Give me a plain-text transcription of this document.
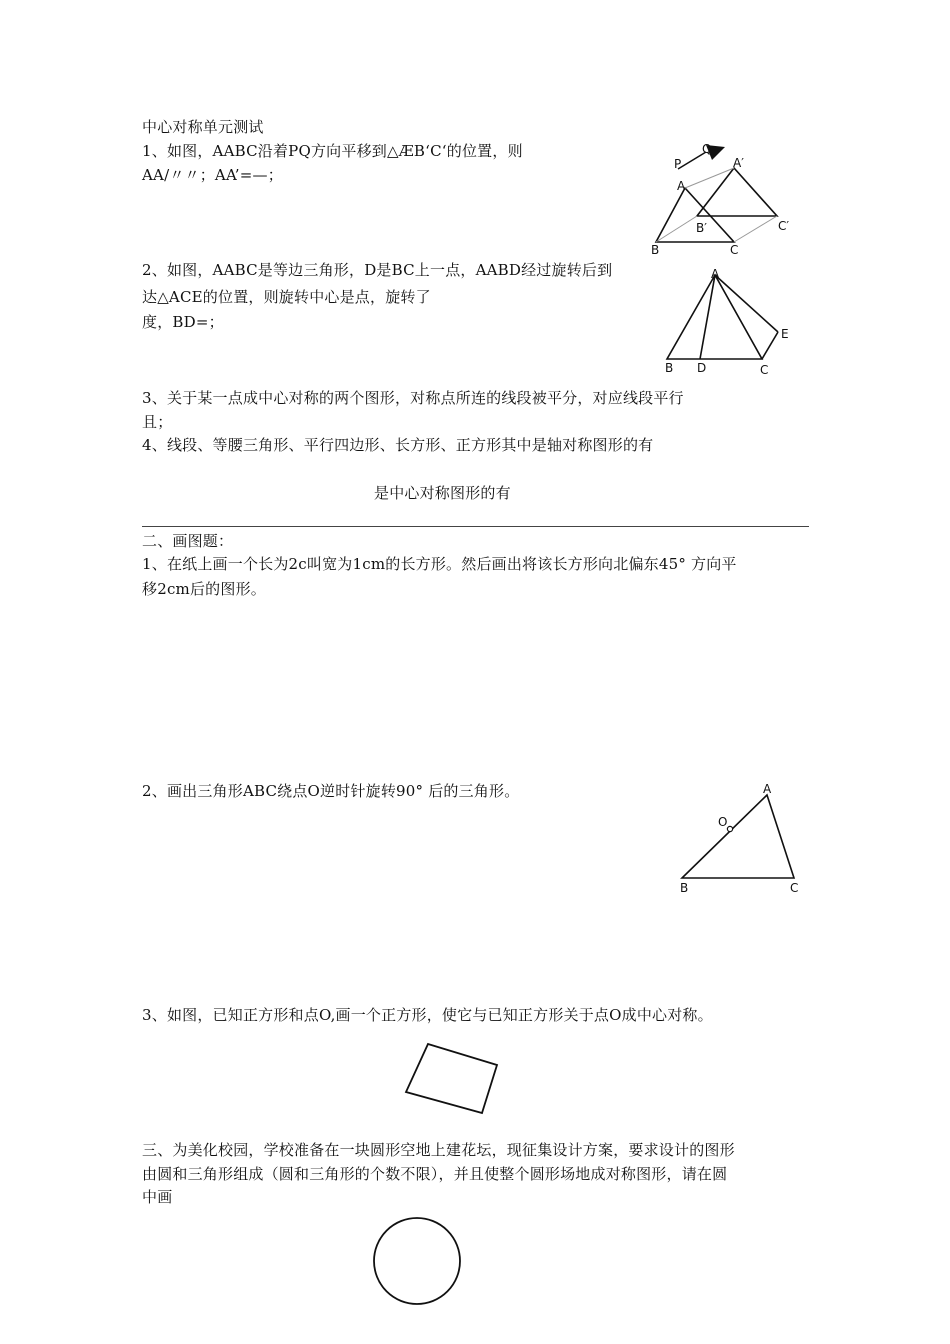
中心对称单元测试
1、如图，AABC沿着PQ方向平移到△ÆB‘C‘的位置，则
AA/〃〃；AA’=—；
2、如图，AABC是等边三角形，D是BC上一点，AABD经过旋转后到
达△ACE的位置，则旋转中心是点，旋转了
度，BD=；
3、关于某一点成中心对称的两个图形，对称点所连的线段被平分，对应线段平行
且；
4、线段、等腰三角形、平行四边形、长方形、正方形其中是轴对称图形的有
是中心对称图形的有
二、画图题：
1、在纸上画一个长为2c叫宽为1cm的长方形。然后画出将该长方形向北偏东45° 方向平
移2cm后的图形。
2、画出三角形ABC绕点O逆时针旋转90° 后的三角形。
3、如图，已知正方形和点O,画一个正方形，使它与已知正方形关于点O成中心对称。
三、为美化校园，学校准备在一块圆形空地上建花坛，现征集设计方案，要求设计的图形
由圆和三角形组成（圆和三角形的个数不限），并且使整个圆形场地成对称图形，请在圆
中画
P
Q
A′
A
B′	C′
B	C
A
E
B D	C
A
O
B	C
